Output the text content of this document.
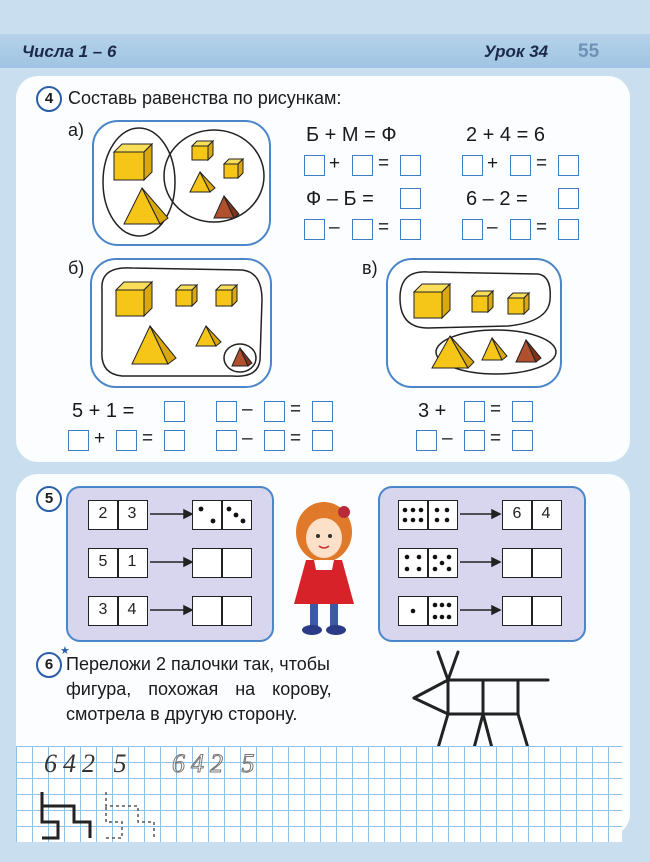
Числа 1 – 6	Урок 34 55
4 Составь равенства по рисункам:
а)	Б + М = Ф	2 + 4 = 6
+ =	+ =
Ф – Б =	6 – 2 =
– =	– =
б)	в)
5 + 1 =	– =	3 + =
+ =	– =	– =
5
2	3
5	1
3	4
6	4
6
★
Переложи 2 палочки так, чтобы
фигура, похожая на корову,
смотрела в другую сторону.
642 5 642 5
